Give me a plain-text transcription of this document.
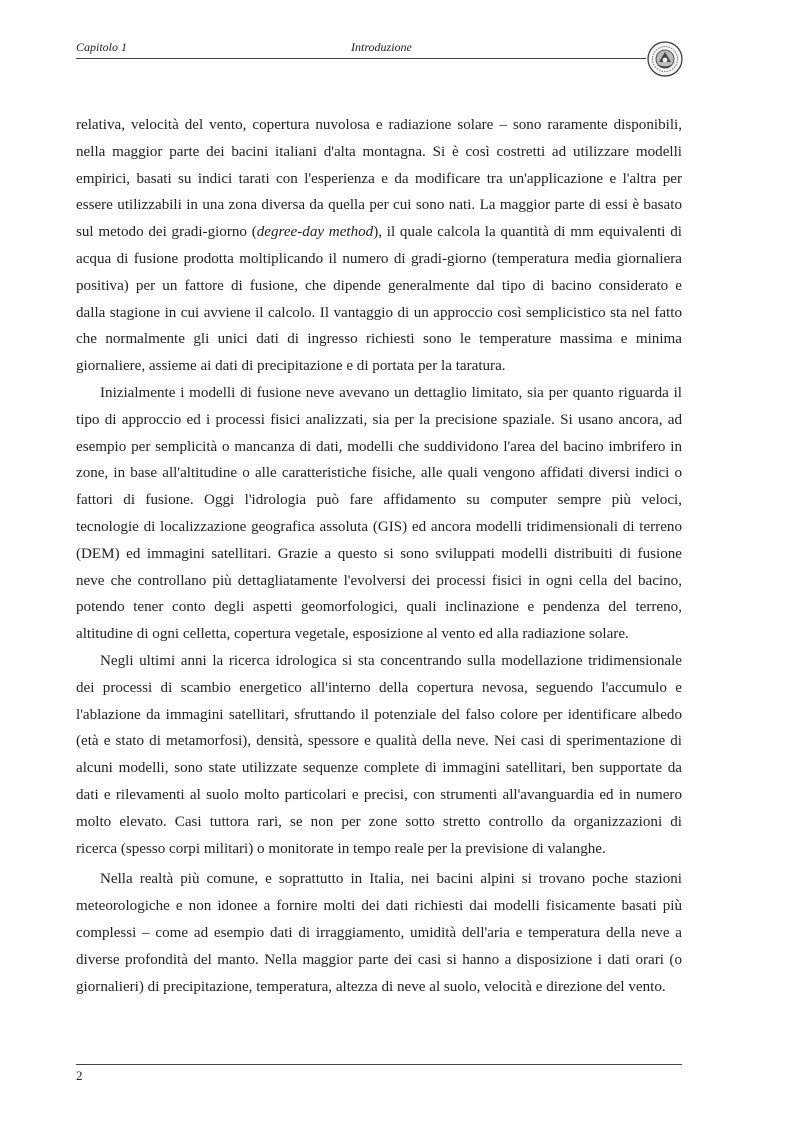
Capitolo 1	Introduzione
relativa, velocità del vento, copertura nuvolosa e radiazione solare – sono raramente disponibili,
nella maggior parte dei bacini italiani d'alta montagna. Si è così costretti ad utilizzare modelli
empirici, basati su indici tarati con l'esperienza e da modificare tra un'applicazione e l'altra per
essere utilizzabili in una zona diversa da quella per cui sono nati. La maggior parte di essi è basato
sul metodo dei gradi-giorno (degree-day method), il quale calcola la quantità di mm equivalenti di
acqua di fusione prodotta moltiplicando il numero di gradi-giorno (temperatura media giornaliera
positiva) per un fattore di fusione, che dipende generalmente dal tipo di bacino considerato e
dalla stagione in cui avviene il calcolo. Il vantaggio di un approccio così semplicistico sta nel fatto
che normalmente gli unici dati di ingresso richiesti sono le temperature massima e minima
giornaliere, assieme ai dati di precipitazione e di portata per la taratura.
Inizialmente i modelli di fusione neve avevano un dettaglio limitato, sia per quanto riguarda il
tipo di approccio ed i processi fisici analizzati, sia per la precisione spaziale. Si usano ancora, ad
esempio per semplicità o mancanza di dati, modelli che suddividono l'area del bacino imbrifero in
zone, in base all'altitudine o alle caratteristiche fisiche, alle quali vengono affidati diversi indici o
fattori di fusione. Oggi l'idrologia può fare affidamento su computer sempre più veloci,
tecnologie di localizzazione geografica assoluta (GIS) ed ancora modelli tridimensionali di terreno
(DEM) ed immagini satellitari. Grazie a questo si sono sviluppati modelli distribuiti di fusione
neve che controllano più dettagliatamente l'evolversi dei processi fisici in ogni cella del bacino,
potendo tener conto degli aspetti geomorfologici, quali inclinazione e pendenza del terreno,
altitudine di ogni celletta, copertura vegetale, esposizione al vento ed alla radiazione solare.
Negli ultimi anni la ricerca idrologica si sta concentrando sulla modellazione tridimensionale
dei processi di scambio energetico all'interno della copertura nevosa, seguendo l'accumulo e
l'ablazione da immagini satellitari, sfruttando il potenziale del falso colore per identificare albedo
(età e stato di metamorfosi), densità, spessore e qualità della neve. Nei casi di sperimentazione di
alcuni modelli, sono state utilizzate sequenze complete di immagini satellitari, ben supportate da
dati e rilevamenti al suolo molto particolari e precisi, con strumenti all'avanguardia ed in numero
molto elevato. Casi tuttora rari, se non per zone sotto stretto controllo da organizzazioni di
ricerca (spesso corpi militari) o monitorate in tempo reale per la previsione di valanghe.
Nella realtà più comune, e soprattutto in Italia, nei bacini alpini si trovano poche stazioni
meteorologiche e non idonee a fornire molti dei dati richiesti dai modelli fisicamente basati più
complessi – come ad esempio dati di irraggiamento, umidità dell'aria e temperatura della neve a
diverse profondità del manto. Nella maggior parte dei casi si hanno a disposizione i dati orari (o
giornalieri) di precipitazione, temperatura, altezza di neve al suolo, velocità e direzione del vento.
2
